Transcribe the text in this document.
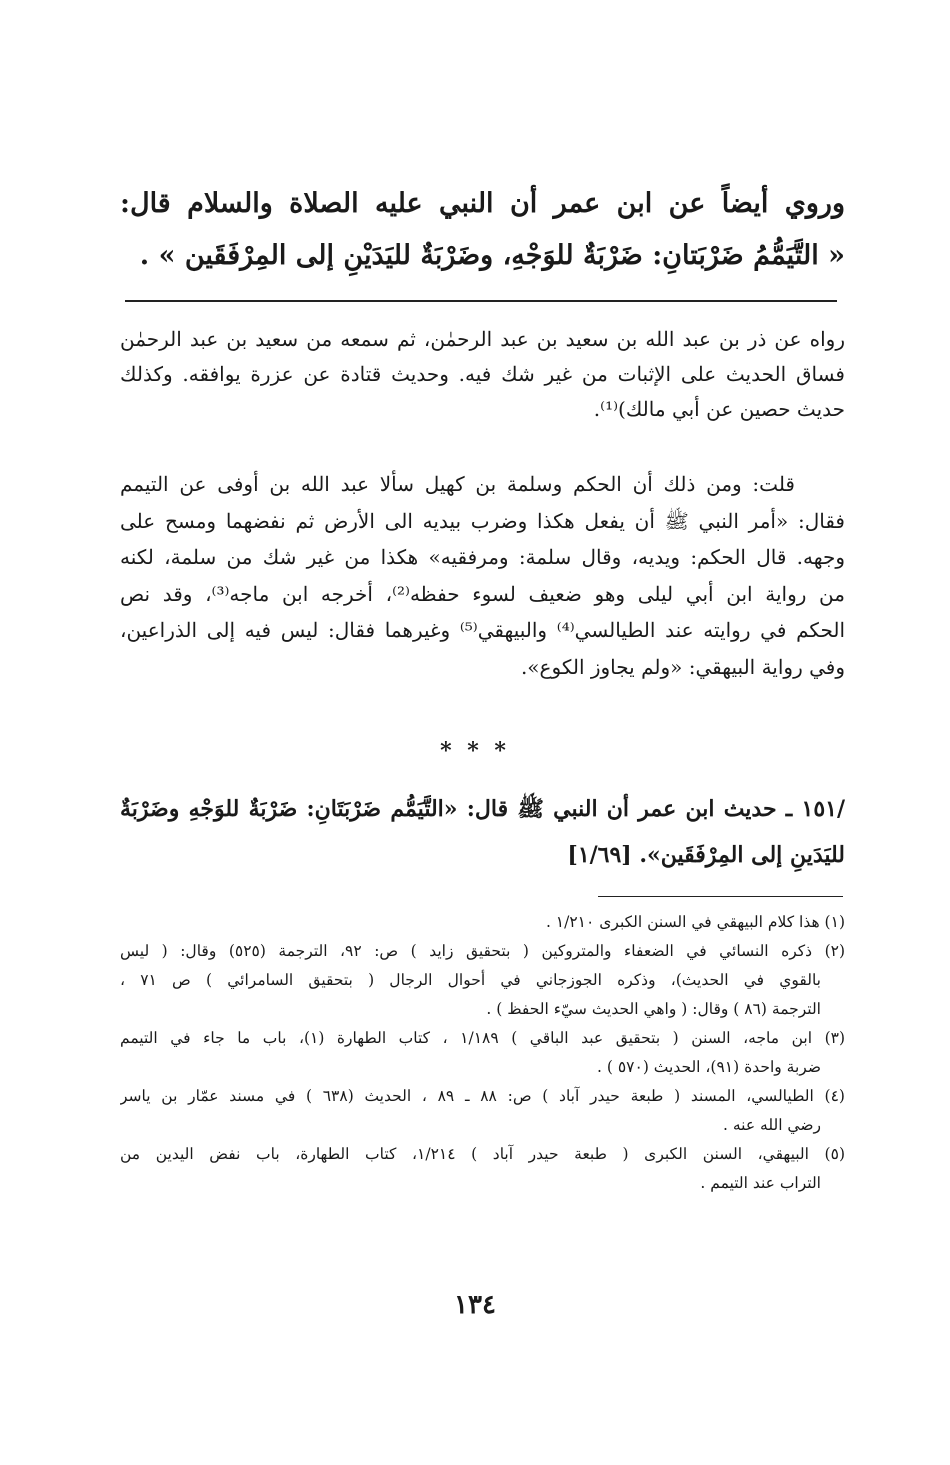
وروي أيضاً عن ابن عمر أن النبي عليه الصلاة والسلام قال:
« التَّيَمُّمُ ضَرْبَتانِ: ضَرْبَةٌ للوَجْهِ، وضَرْبَةٌ لليَدَيْنِ إلى المِرْفَقَين » .
رواه عن ذر بن عبد الله بن سعيد بن عبد الرحمٰن، ثم سمعه من سعيد بن عبد الرحمٰن
فساق الحديث على الإثبات من غير شك فيه. وحديث قتادة عن عزرة يوافقه. وكذلك
حديث حصين عن أبي مالك)⁽¹⁾.
قلت: ومن ذلك أن الحكم وسلمة بن كهيل سألا عبد الله بن أوفى عن التيمم
فقال: «أمر النبي ﷺ أن يفعل هكذا وضرب بيديه الى الأرض ثم نفضهما ومسح على
وجهه. قال الحكم: ويديه، وقال سلمة: ومرفقيه» هكذا من غير شك من سلمة، لكنه
من رواية ابن أبي ليلى وهو ضعيف لسوء حفظه⁽²⁾، أخرجه ابن ماجه⁽³⁾، وقد نص
الحكم في روايته عند الطيالسي⁽⁴⁾ والبيهقي⁽⁵⁾ وغيرهما فقال: ليس فيه إلى الذراعين،
وفي رواية البيهقي: «ولم يجاوز الكوع».
* * *
/١٥١ ـ حديث ابن عمر أن النبي ﷺ قال: «التَّيَمُّم ضَرْبَتَانِ: ضَرْبَةٌ للوَجْهِ وضَرْبَةٌ
لليَدَينِ إلى المِرْفَقَين». [١/٦٩]
(١) هذا كلام البيهقي في السنن الكبرى ١/٢١٠ .
(٢) ذكره النسائي في الضعفاء والمتروكين ( بتحقيق زايد ) ص: ٩٢، الترجمة (٥٢٥) وقال: ( ليس
بالقوي في الحديث)، وذكره الجوزجاني في أحوال الرجال ( بتحقيق السامرائي ) ص ٧١ ،
الترجمة (٨٦ ) وقال: ( واهي الحديث سيّء الحفظ ) .
(٣) ابن ماجه، السنن ( بتحقيق عبد الباقي ) ١/١٨٩ ، كتاب الطهارة (١)، باب ما جاء في التيمم
ضربة واحدة (٩١)، الحديث (٥٧٠ ) .
(٤) الطيالسي، المسند ( طبعة حيدر آباد ) ص: ٨٨ ـ ٨٩ ، الحديث (٦٣٨ ) في مسند عمّار بن ياسر
رضي الله عنه .
(٥) البيهقي، السنن الكبرى ( طبعة حيدر آباد ) ١/٢١٤، كتاب الطهارة، باب نفض اليدين من
التراب عند التيمم .
١٣٤
